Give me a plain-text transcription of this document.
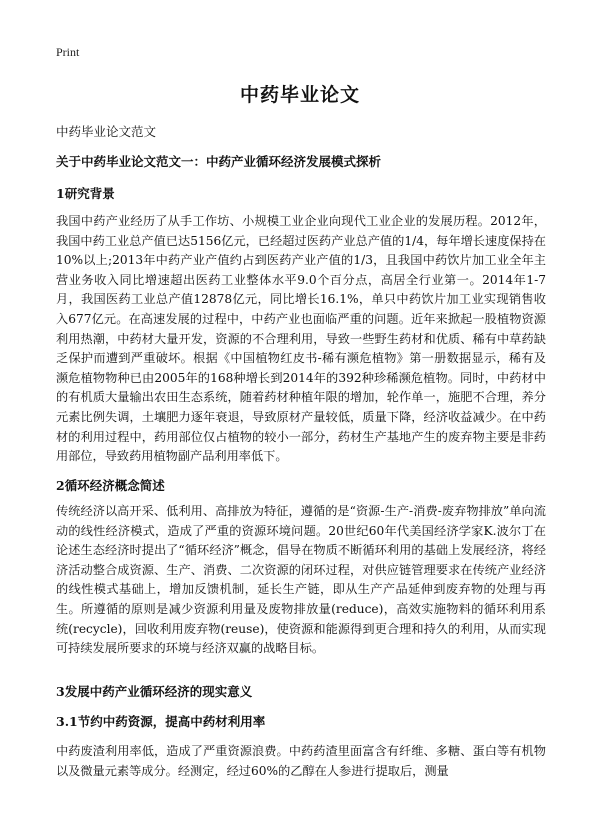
Print
中药毕业论文
中药毕业论文范文
关于中药毕业论文范文一：中药产业循环经济发展模式探析
1研究背景
我国中药产业经历了从手工作坊、小规模工业企业向现代工业企业的发展历程。2012年，我国中药工业总产值已达5156亿元，已经超过医药产业总产值的1/4，每年增长速度保持在10%以上;2013年中药产业产值约占到医药产业产值的1/3，且我国中药饮片加工业全年主营业务收入同比增速超出医药工业整体水平9.0个百分点，高居全行业第一。2014年1-7月，我国医药工业总产值12878亿元，同比增长16.1%，单只中药饮片加工业实现销售收入677亿元。在高速发展的过程中，中药产业也面临严重的问题。近年来掀起一股植物资源利用热潮，中药材大量开发，资源的不合理利用，导致一些野生药材和优质、稀有中草药缺乏保护而遭到严重破坏。根据《中国植物红皮书-稀有濒危植物》第一册数据显示，稀有及濒危植物物种已由2005年的168种增长到2014年的392种珍稀濒危植物。同时，中药材中的有机质大量输出农田生态系统，随着药材种植年限的增加，轮作单一，施肥不合理，养分元素比例失调，土壤肥力逐年衰退，导致原材产量较低，质量下降，经济收益减少。在中药材的利用过程中，药用部位仅占植物的较小一部分，药材生产基地产生的废弃物主要是非药用部位，导致药用植物副产品利用率低下。
2循环经济概念简述
传统经济以高开采、低利用、高排放为特征，遵循的是“资源-生产-消费-废弃物排放”单向流动的线性经济模式，造成了严重的资源环境问题。20世纪60年代美国经济学家K.波尔丁在论述生态经济时提出了“循环经济”概念，倡导在物质不断循环利用的基础上发展经济，将经济活动整合成资源、生产、消费、二次资源的闭环过程，对供应链管理要求在传统产业经济的线性模式基础上，增加反馈机制，延长生产链，即从生产产品延伸到废弃物的处理与再生。所遵循的原则是减少资源利用量及废物排放量(reduce)，高效实施物料的循环利用系统(recycle)，回收利用废弃物(reuse)，使资源和能源得到更合理和持久的利用，从而实现可持续发展所要求的环境与经济双赢的战略目标。
3发展中药产业循环经济的现实意义
3.1节约中药资源，提高中药材利用率
中药废渣利用率低，造成了严重资源浪费。中药药渣里面富含有纤维、多糖、蛋白等有机物以及微量元素等成分。经测定，经过60%的乙醇在人参进行提取后，测量
